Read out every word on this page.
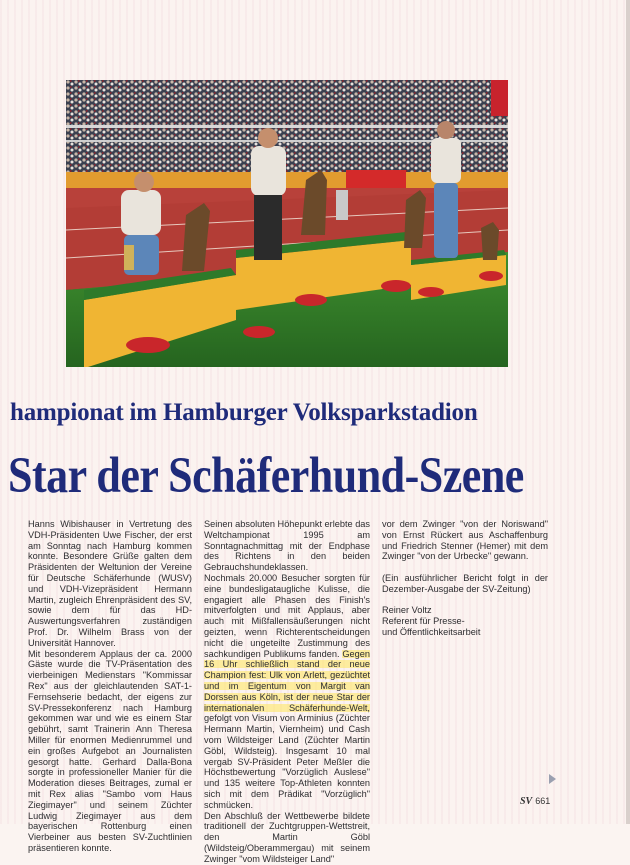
hampionat im Hamburger Volksparkstadion
Star der Schäferhund-Szene

Hanns Wibishauser in Vertretung des VDH-Präsidenten Uwe Fischer, der erst am Sonntag nach Hamburg kommen konnte. Besondere Grüße galten dem Präsidenten der Weltunion der Vereine für Deutsche Schäferhunde (WUSV) und VDH-Vizepräsident Hermann Martin, zugleich Ehrenpräsident des SV, sowie dem für das HD-Auswertungsverfahren zuständigen Prof. Dr. Wilhelm Brass von der Universität Hannover.
Mit besonderem Applaus der ca. 2000 Gäste wurde die TV-Präsentation des vierbeinigen Medienstars "Kommissar Rex" aus der gleichlautenden SAT-1-Fernsehserie bedacht, der eigens zur SV-Pressekonferenz nach Hamburg gekommen war und wie es einem Star gebührt, samt Trainerin Ann Theresa Miller für enormen Medienrummel und ein großes Aufgebot an Journalisten gesorgt hatte. Gerhard Dalla-Bona sorgte in professioneller Manier für die Moderation dieses Beitrages, zumal er mit Rex alias "Sambo vom Haus Ziegimayer" und seinem Züchter Ludwig Ziegimayer aus dem bayerischen Rottenburg einen Vierbeiner aus besten SV-Zuchtlinien präsentieren konnte.

Seinen absoluten Höhepunkt erlebte das Weltchampionat 1995 am Sonntagnachmittag mit der Endphase des Richtens in den beiden Gebrauchshundeklassen.
Nochmals 20.000 Besucher sorgten für eine bundesligataugliche Kulisse, die engagiert alle Phasen des Finish's mitverfolgten und mit Applaus, aber auch mit Mißfallensäußerungen nicht geizten, wenn Richterentscheidungen nicht die ungeteilte Zustimmung des sachkundigen Publikums fanden. Gegen 16 Uhr schließlich stand der neue Champion fest: Ulk von Arlett, gezüchtet und im Eigentum von Margit van Dorssen aus Köln, ist der neue Star der internationalen Schäferhunde-Welt, gefolgt von Visum von Arminius (Züchter Hermann Martin, Viernheim) und Cash vom Wildsteiger Land (Züchter Martin Göbl, Wildsteig). Insgesamt 10 mal vergab SV-Präsident Peter Meßler die Höchstbewertung "Vorzüglich Auslese" und 135 weitere Top-Athleten konnten sich mit dem Prädikat "Vorzüglich" schmücken.
Den Abschluß der Wettbewerbe bildete traditionell der Zuchtgruppen-Wettstreit, den Martin Göbl (Wildsteig/Oberammergau) mit seinem Zwinger "vom Wildsteiger Land"

vor dem Zwinger "von der Noriswand" von Ernst Rückert aus Aschaffenburg und Friedrich Stenner (Hemer) mit dem Zwinger "von der Urbecke" gewann.

(Ein ausführlicher Bericht folgt in der Dezember-Ausgabe der SV-Zeitung)

Reiner Voltz
Referent für Presse-
und Öffentlichkeitsarbeit

SV 661
